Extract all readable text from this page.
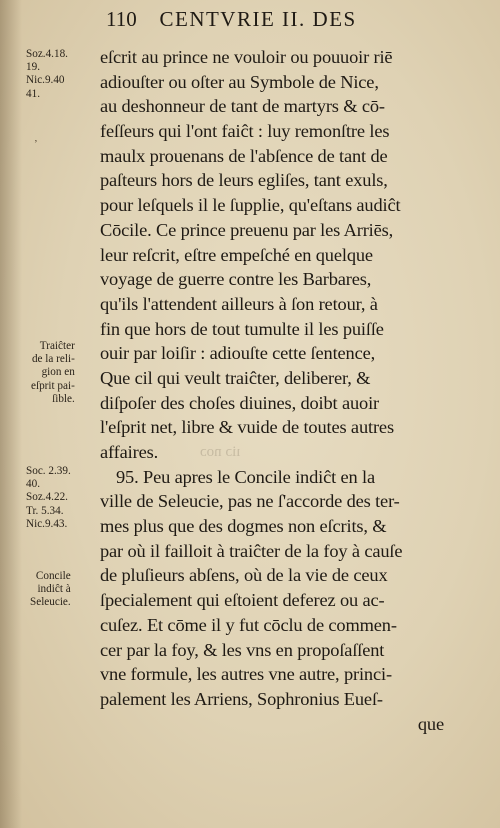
110 CENTVRIE II. DES
Soz.4.18.
19.
Nic.9.40
41.
ʼ
Traiĉter
de la reli-
gion en
eſprit pai-
ſible.
Soc. 2.39.
40.
Soz.4.22.
Tr. 5.34.
Nic.9.43.
Concile
indiĉt à
Seleucie.
ıiɔ noɔ
eſcrit au prince ne vouloir ou pouuoir riē
adiouſter ou oſter au Symbole de Nice,
au deshonneur de tant de martyrs & cō-
feſſeurs qui l'ont faiĉt : luy remonſtre les
maulx prouenans de l'abſence de tant de
paſteurs hors de leurs egliſes, tant exuls,
pour leſquels il le ſupplie, qu'eſtans audiĉt
Cōcile. Ce prince preuenu par les Arriēs,
leur reſcrit, eſtre empeſché en quelque
voyage de guerre contre les Barbares,
qu'ils l'attendent ailleurs à ſon retour, à
fin que hors de tout tumulte il les puiſſe
ouir par loiſir : adiouſte cette ſentence,
Que cil qui veult traiĉter, deliberer, &
diſpoſer des choſes diuines, doibt auoir
l'eſprit net, libre & vuide de toutes autres
affaires.
95. Peu apres le Concile indiĉt en la
ville de Seleucie, pas ne ſ'accorde des ter-
mes plus que des dogmes non eſcrits, &
par où il failloit à traiĉter de la foy à cauſe
de pluſieurs abſens, où de la vie de ceux
ſpecialement qui eſtoient deferez ou ac-
cuſez. Et cōme il y fut cōclu de commen-
cer par la foy, & les vns en propoſaſſent
vne formule, les autres vne autre, princi-
palement les Arriens, Sophronius Eueſ-
que
